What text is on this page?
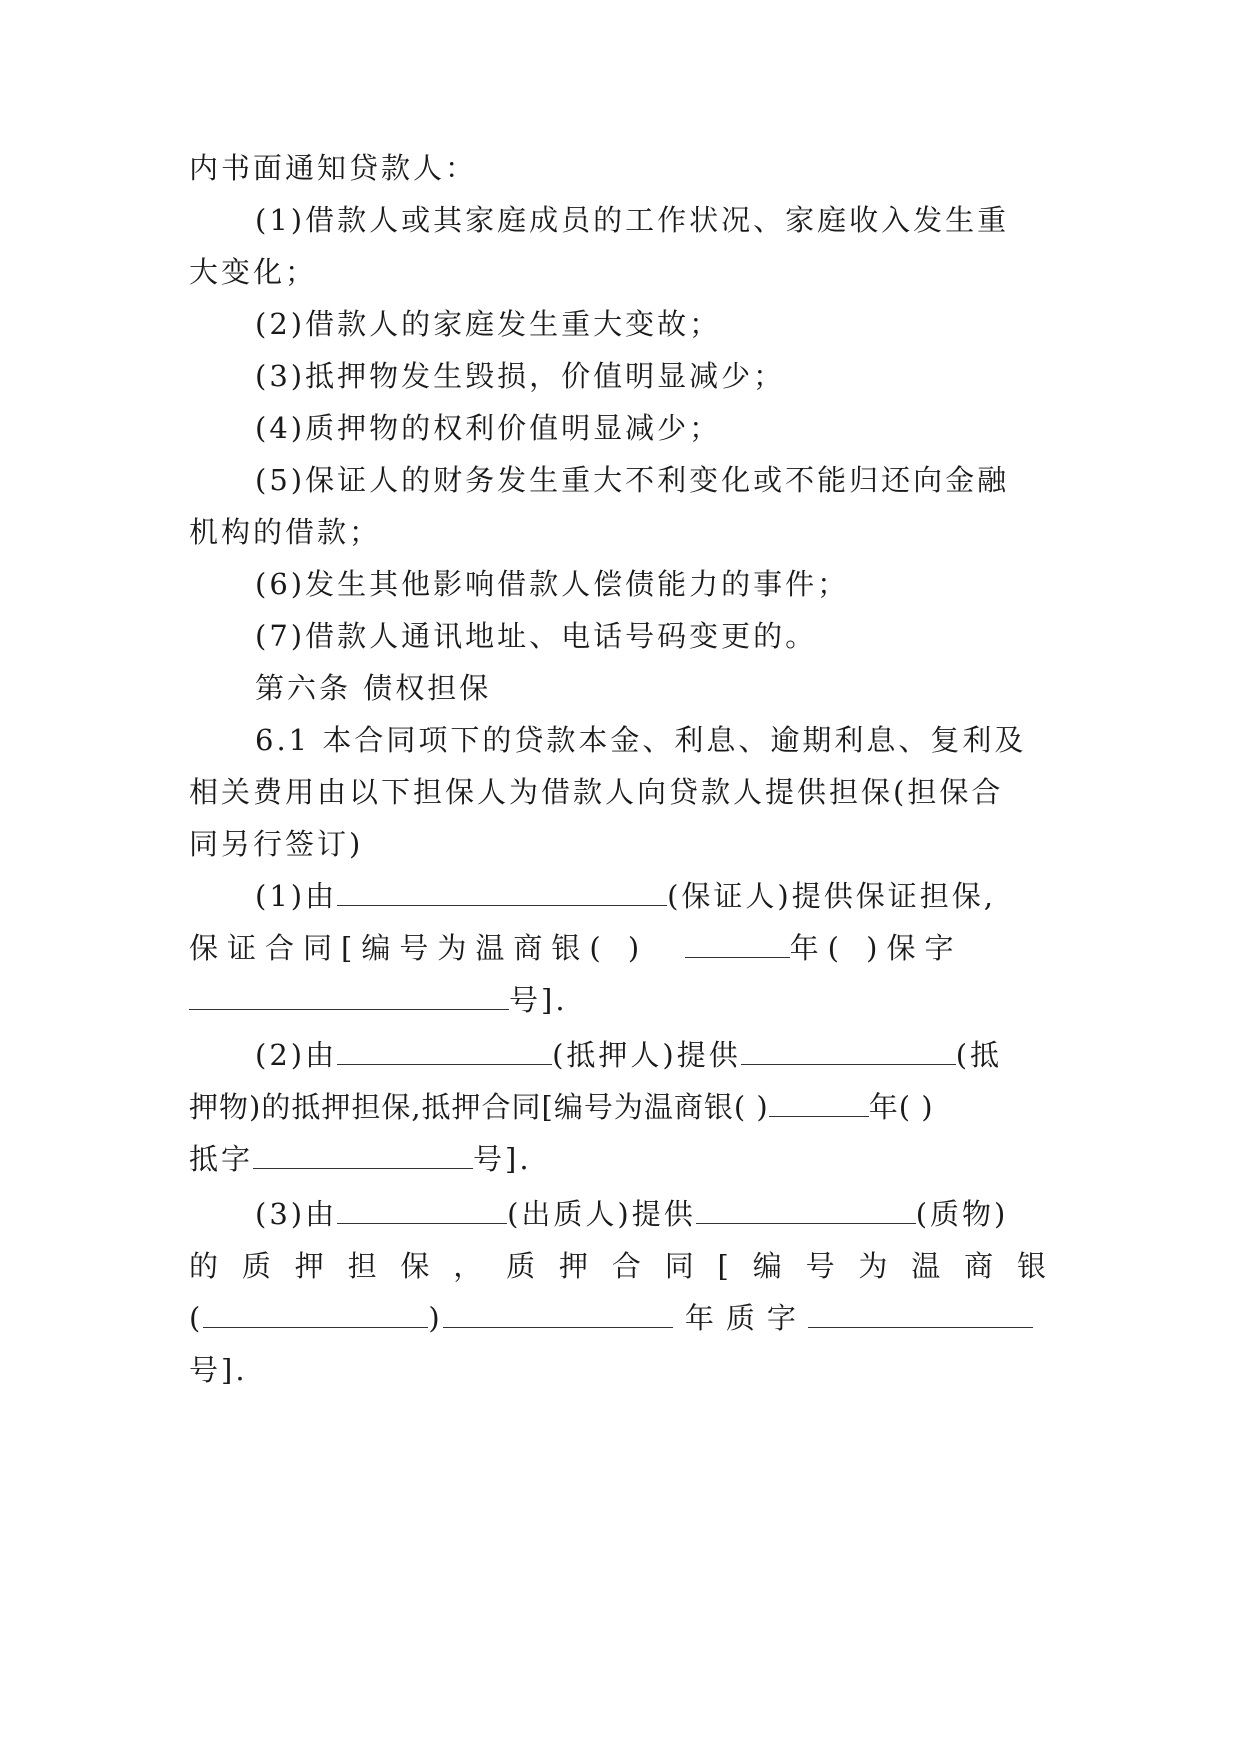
内书面通知贷款人：
(1)借款人或其家庭成员的工作状况、家庭收入发生重
大变化；
(2)借款人的家庭发生重大变故；
(3)抵押物发生毁损，价值明显减少；
(4)质押物的权利价值明显减少；
(5)保证人的财务发生重大不利变化或不能归还向金融
机构的借款；
(6)发生其他影响借款人偿债能力的事件；
(7)借款人通讯地址、电话号码变更的。
第六条 债权担保
6.1 本合同项下的贷款本金、利息、逾期利息、复利及
相关费用由以下担保人为借款人向贷款人提供担保(担保合
同另行签订)
(1)由	(保证人)提供保证担保,
保证合同[编号为温商银( )	年( )保字
号].
(2)由	(抵押人)提供	(抵
押物)的抵押担保,抵押合同[编号为温商银( )	年( )
抵字	号].
(3)由	(出质人)提供	(质物)
的质押担保，质押合同[编号为温商银
(	)	年质字
号].
